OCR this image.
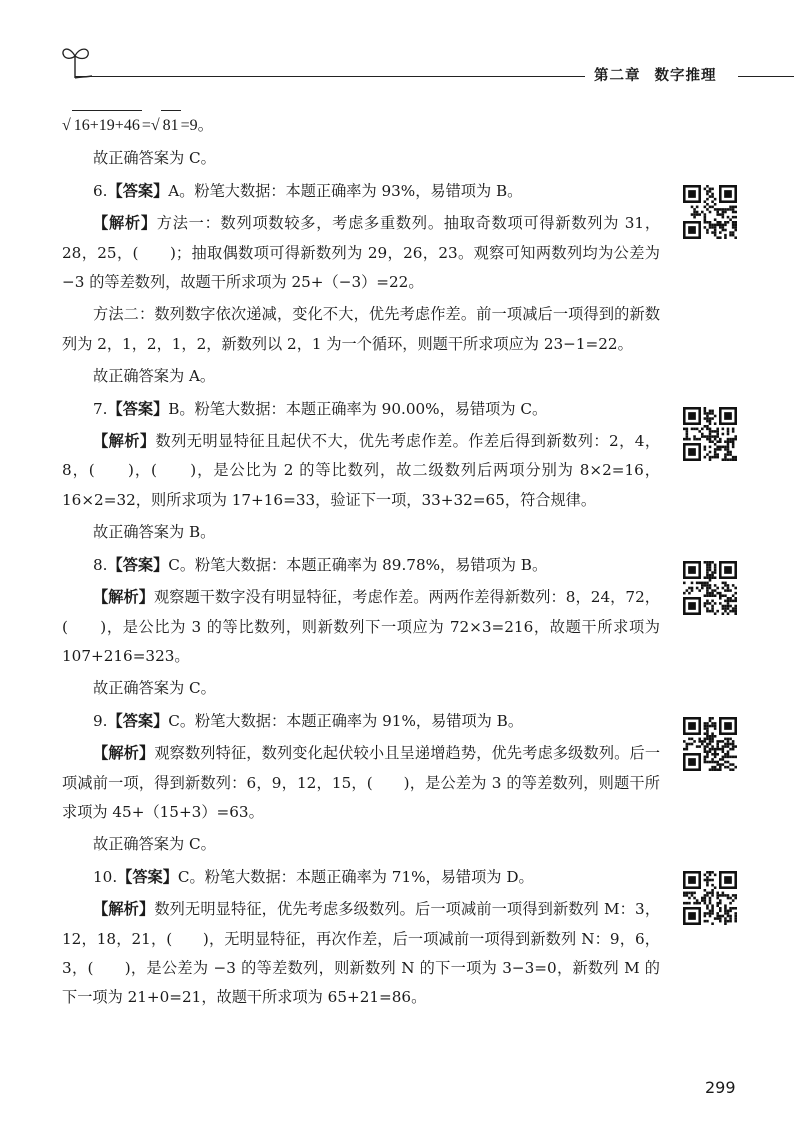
第二章 数字推理

√ 16+19+46 =√ 81 =9。

故正确答案为 C。

6.【答案】A。粉笔大数据：本题正确率为 93%，易错项为 B。

【解析】方法一：数列项数较多，考虑多重数列。抽取奇数项可得新数列为 31，28，25，(　　)；抽取偶数项可得新数列为 29，26，23。观察可知两数列均为公差为 −3 的等差数列，故题干所求项为 25+（−3）=22。

方法二：数列数字依次递减，变化不大，优先考虑作差。前一项减后一项得到的新数列为 2，1，2，1，2，新数列以 2，1 为一个循环，则题干所求项应为 23−1=22。

故正确答案为 A。

7.【答案】B。粉笔大数据：本题正确率为 90.00%，易错项为 C。

【解析】数列无明显特征且起伏不大，优先考虑作差。作差后得到新数列：2，4，8，(　　)，(　　)，是公比为 2 的等比数列，故二级数列后两项分别为 8×2=16，16×2=32，则所求项为 17+16=33，验证下一项，33+32=65，符合规律。

故正确答案为 B。

8.【答案】C。粉笔大数据：本题正确率为 89.78%，易错项为 B。

【解析】观察题干数字没有明显特征，考虑作差。两两作差得新数列：8，24，72，(　　)，是公比为 3 的等比数列，则新数列下一项应为 72×3=216，故题干所求项为 107+216=323。

故正确答案为 C。

9.【答案】C。粉笔大数据：本题正确率为 91%，易错项为 B。

【解析】观察数列特征，数列变化起伏较小且呈递增趋势，优先考虑多级数列。后一项减前一项，得到新数列：6，9，12，15，(　　)，是公差为 3 的等差数列，则题干所求项为 45+（15+3）=63。

故正确答案为 C。

10.【答案】C。粉笔大数据：本题正确率为 71%，易错项为 D。

【解析】数列无明显特征，优先考虑多级数列。后一项减前一项得到新数列 M：3，12，18，21，(　　)，无明显特征，再次作差，后一项减前一项得到新数列 N：9，6，3，(　　)，是公差为 −3 的等差数列，则新数列 N 的下一项为 3−3=0，新数列 M 的下一项为 21+0=21，故题干所求项为 65+21=86。

299
